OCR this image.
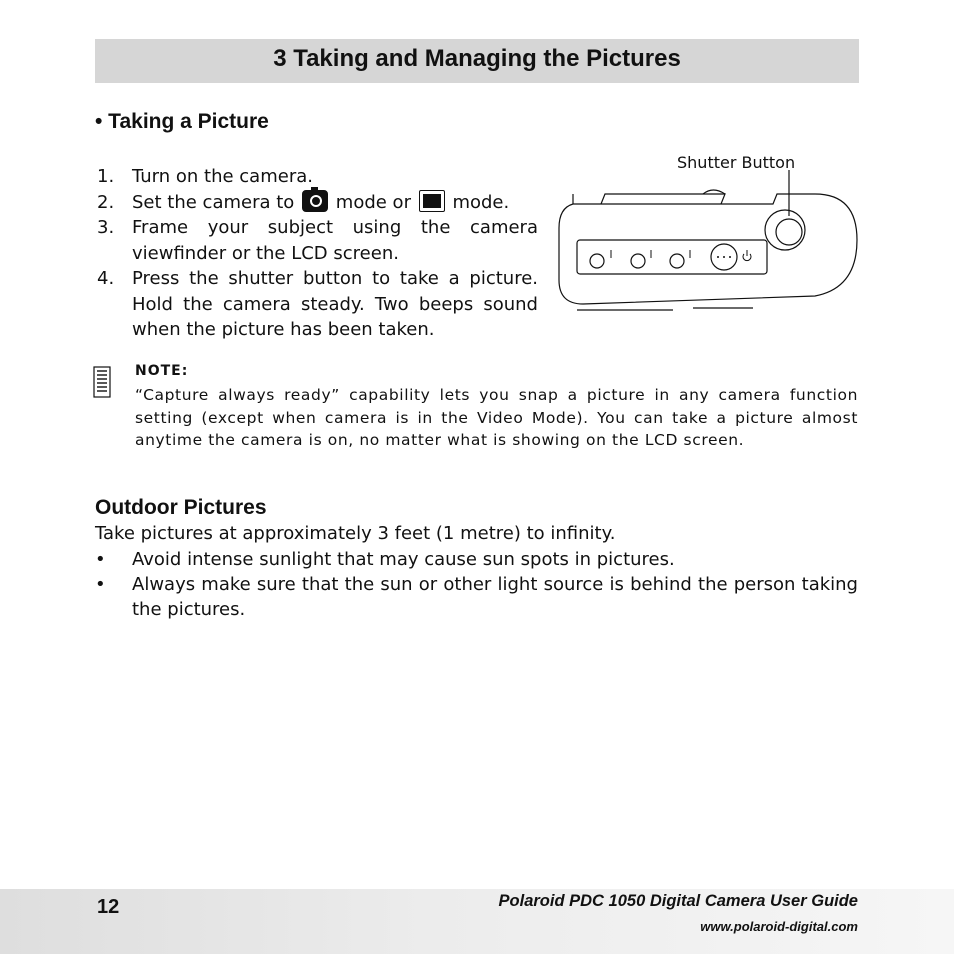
3 Taking and Managing the Pictures
• Taking a Picture
1. Turn on the camera.
2. Set the camera to mode or mode.
3. Frame your subject using the camera viewfinder or the LCD screen.
4. Press the shutter button to take a picture. Hold the camera steady. Two beeps sound when the picture has been taken.
Shutter Button
NOTE:
“Capture always ready” capability lets you snap a picture in any camera function setting (except when camera is in the Video Mode). You can take a picture almost anytime the camera is on, no matter what is showing on the LCD screen.
Outdoor Pictures
Take pictures at approximately 3 feet (1 metre) to infinity.
•	Avoid intense sunlight that may cause sun spots in pictures.
•	Always make sure that the sun or other light source is behind the person taking the pictures.
12	Polaroid PDC 1050 Digital Camera User Guide
www.polaroid-digital.com
